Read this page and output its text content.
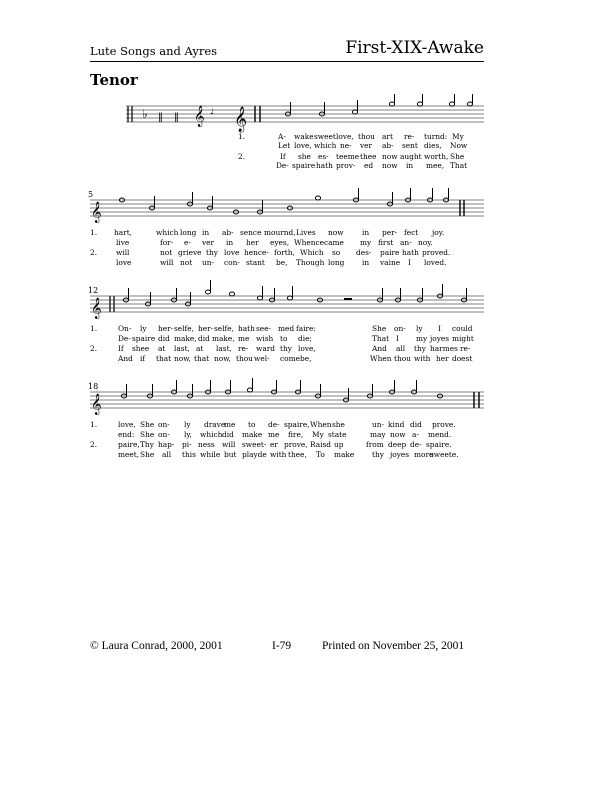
Lute Songs and Ayres	First-XIX-Awake
Tenor
♭ ‖ ‖ 𝄞 ♩ 𝄞
1.	A- wake sweet love, thou art re- turnd: My
Let love, which ne- ver ab- sent dies, Now
2.	If she es- teeme thee now aught worth, She
De- spaire hath prov- ed now in mee, That
5
𝄞
1. hart,	which long in ab- sence mournd, Lives now in per- fect joy.
live	for- e- ver in her eyes, Whence came my first an- noy.
2.	will	not grieve thy love hence- forth, Which so des- paire hath proved.
love	will not un- con- stant be, Though long in vaine I loved.
12
𝄞
1.	On- ly her- selfe, her- selfe, hath see- med faire:	She on- ly I could
De- spaire did make, did make, me wish to die;	That I my joyes might
2.	If shee at last, at last, re- ward thy love,	And all thy harmes re-
And if that now, that now, thou wel- come be,	When thou with her doest
18
𝄞
1.	love, She on- ly drave
me to de- spaire, When she	un- kind did prove.
end: She on- ly, which did make me fire, My state	may now a- mend.
2.	paire, Thy hap- pi- ness will sweet- er prove, Raisd up	from deep de- spaire.
meet, She all this while but playde with thee, To make thy joyes more
sweete.
© Laura Conrad, 2000, 2001	I-79	Printed on November 25, 2001
